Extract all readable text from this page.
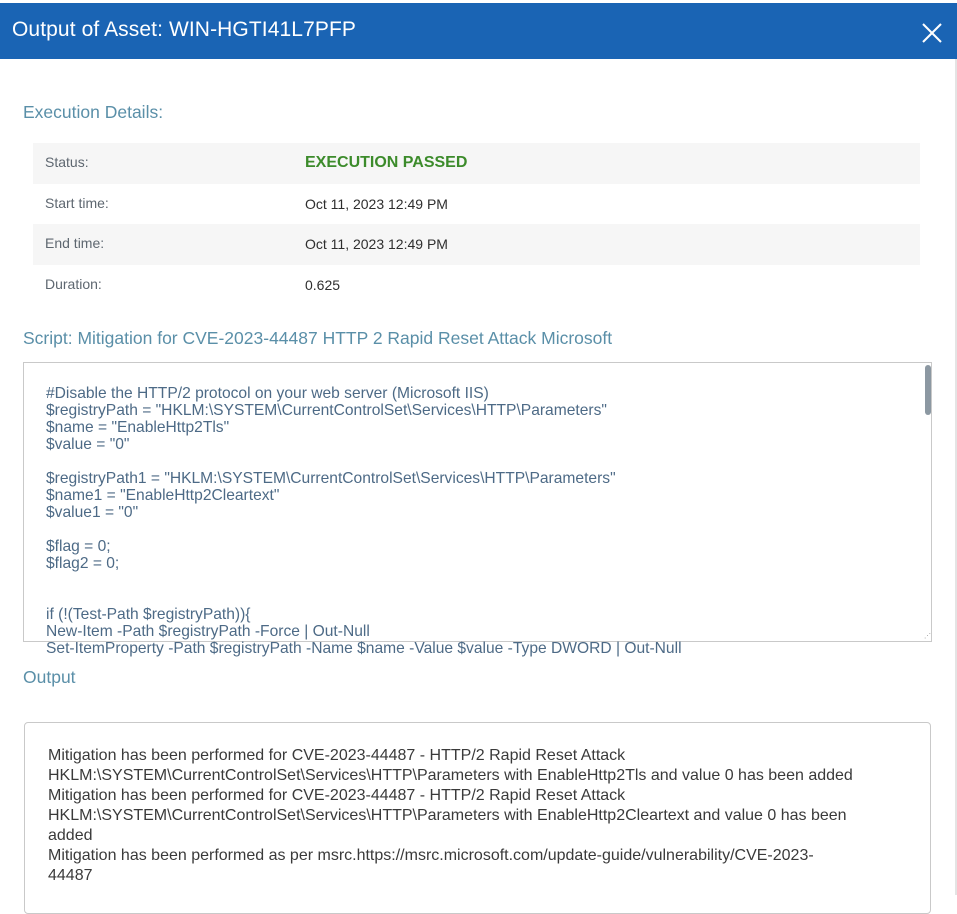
Output of Asset: WIN-HGTI41L7PFP
Execution Details:
Status:	EXECUTION PASSED
Start time:	Oct 11, 2023 12:49 PM
End time:	Oct 11, 2023 12:49 PM
Duration:	0.625
Script: Mitigation for CVE-2023-44487 HTTP 2 Rapid Reset Attack Microsoft
#Disable the HTTP/2 protocol on your web server (Microsoft IIS)
$registryPath = "HKLM:\SYSTEM\CurrentControlSet\Services\HTTP\Parameters"
$name = "EnableHttp2Tls"
$value = "0"

$registryPath1 = "HKLM:\SYSTEM\CurrentControlSet\Services\HTTP\Parameters"
$name1 = "EnableHttp2Cleartext"
$value1 = "0"

$flag = 0;
$flag2 = 0;

if (!(Test-Path $registryPath)){
New-Item -Path $registryPath -Force | Out-Null
Set-ItemProperty -Path $registryPath -Name $name -Value $value -Type DWORD | Out-Null
⋰
Output
Mitigation has been performed for CVE-2023-44487 - HTTP/2 Rapid Reset Attack
HKLM:\SYSTEM\CurrentControlSet\Services\HTTP\Parameters with EnableHttp2Tls and value 0 has been added
Mitigation has been performed for CVE-2023-44487 - HTTP/2 Rapid Reset Attack
HKLM:\SYSTEM\CurrentControlSet\Services\HTTP\Parameters with EnableHttp2Cleartext and value 0 has been
added
Mitigation has been performed as per msrc.https://msrc.microsoft.com/update-guide/vulnerability/CVE-2023-
44487
